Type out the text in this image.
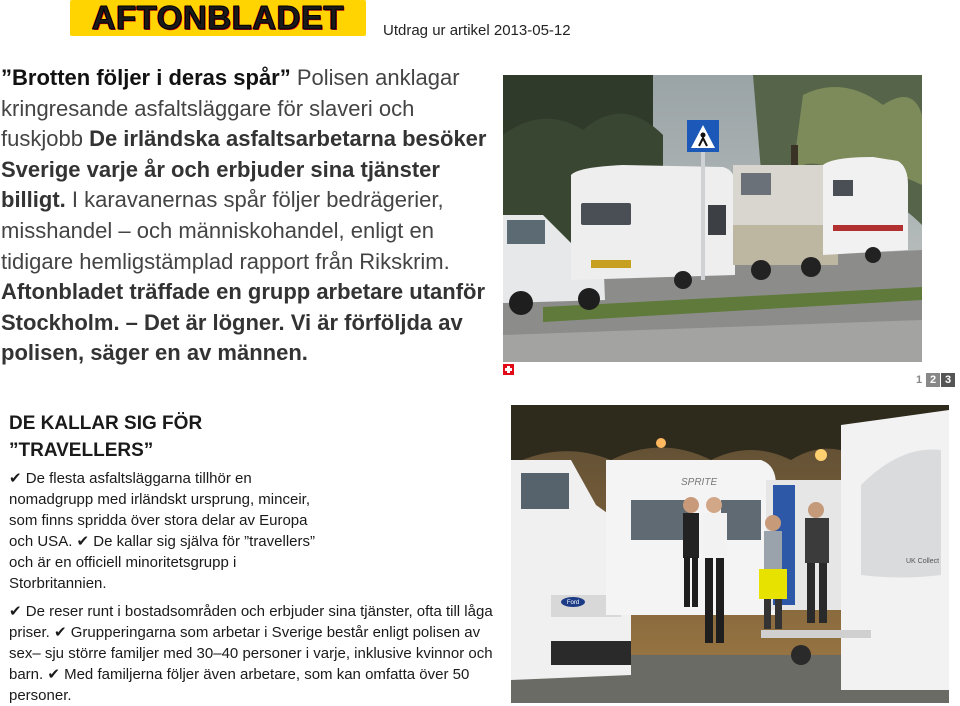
AFTONBLADET	Utdrag ur artikel 2013-05-12
”Brotten följer i deras spår” Polisen anklagar kringresande asfaltsläggare för slaveri och fuskjobb De irländska asfaltsarbetarna besöker Sverige varje år och erbjuder sina tjänster billigt. I karavanernas spår följer bedrägerier, misshandel – och människohandel, enligt en tidigare hemligstämplad rapport från Rikskrim. Aftonbladet träffade en grupp arbetare utanför Stockholm. – Det är lögner. Vi är förföljda av polisen, säger en av männen.
DE KALLAR SIG FÖR ”TRAVELLERS”
✔ De flesta asfaltsläggarna tillhör en nomadgrupp med irländskt ursprung, minceir, som finns spridda över stora delar av Europa och USA. ✔ De kallar sig själva för ”travellers” och är en officiell minoritetsgrupp i Storbritannien.
✔ De reser runt i bostadsområden och erbjuder sina tjänster, ofta till låga priser. ✔ Grupperingarna som arbetar i Sverige består enligt polisen av sex– sju större familjer med 30–40 personer i varje, inklusive kvinnor och barn. ✔ Med familjerna följer även arbetare, som kan omfatta över 50 personer.
1 2 3
Ford
SPRITE
UK Collect
